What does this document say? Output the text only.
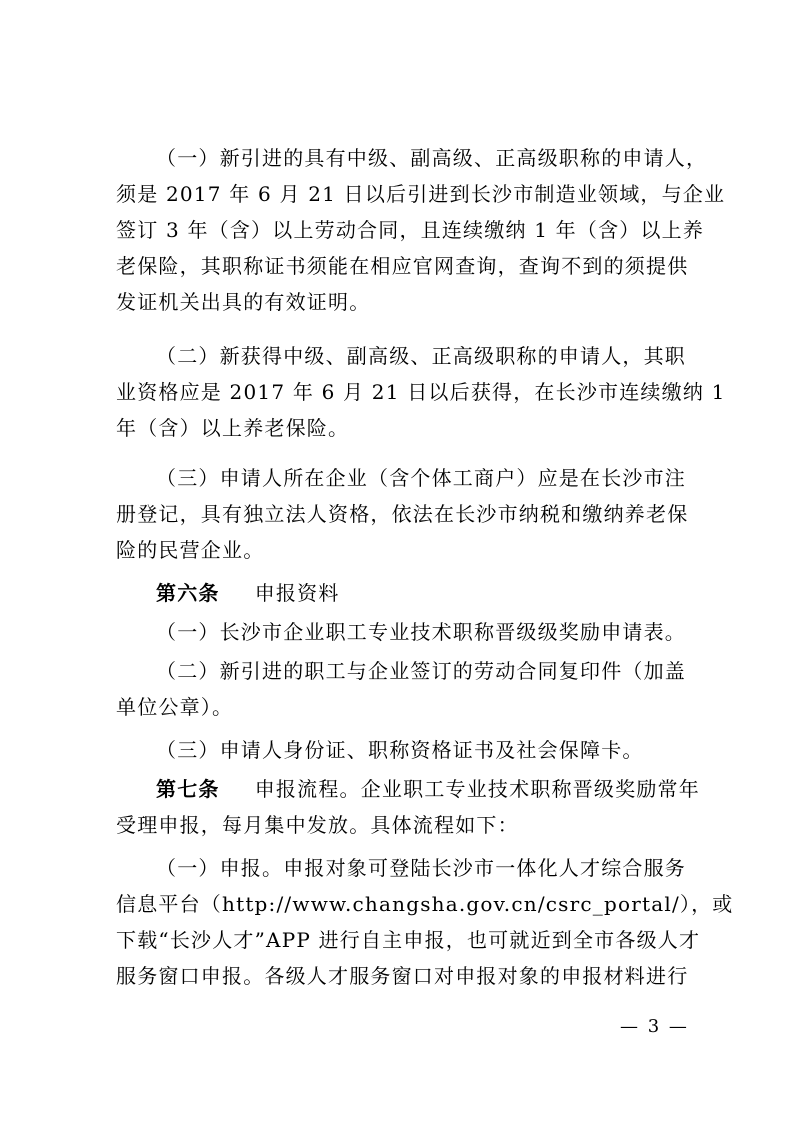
（一）新引进的具有中级、副高级、正高级职称的申请人，
须是 2017 年 6 月 21 日以后引进到长沙市制造业领域，与企业
签订 3 年（含）以上劳动合同，且连续缴纳 1 年（含）以上养
老保险，其职称证书须能在相应官网查询，查询不到的须提供
发证机关出具的有效证明。
（二）新获得中级、副高级、正高级职称的申请人，其职
业资格应是 2017 年 6 月 21 日以后获得，在长沙市连续缴纳 1
年（含）以上养老保险。
（三）申请人所在企业（含个体工商户）应是在长沙市注
册登记，具有独立法人资格，依法在长沙市纳税和缴纳养老保
险的民营企业。
第六条 申报资料
（一）长沙市企业职工专业技术职称晋级级奖励申请表。
（二）新引进的职工与企业签订的劳动合同复印件（加盖
单位公章）。
（三）申请人身份证、职称资格证书及社会保障卡。
第七条 申报流程。企业职工专业技术职称晋级奖励常年
受理申报，每月集中发放。具体流程如下：
（一）申报。申报对象可登陆长沙市一体化人才综合服务
信息平台（http://www.changsha.gov.cn/csrc_portal/），或
下载“长沙人才”APP 进行自主申报，也可就近到全市各级人才
服务窗口申报。各级人才服务窗口对申报对象的申报材料进行
— 3 —
